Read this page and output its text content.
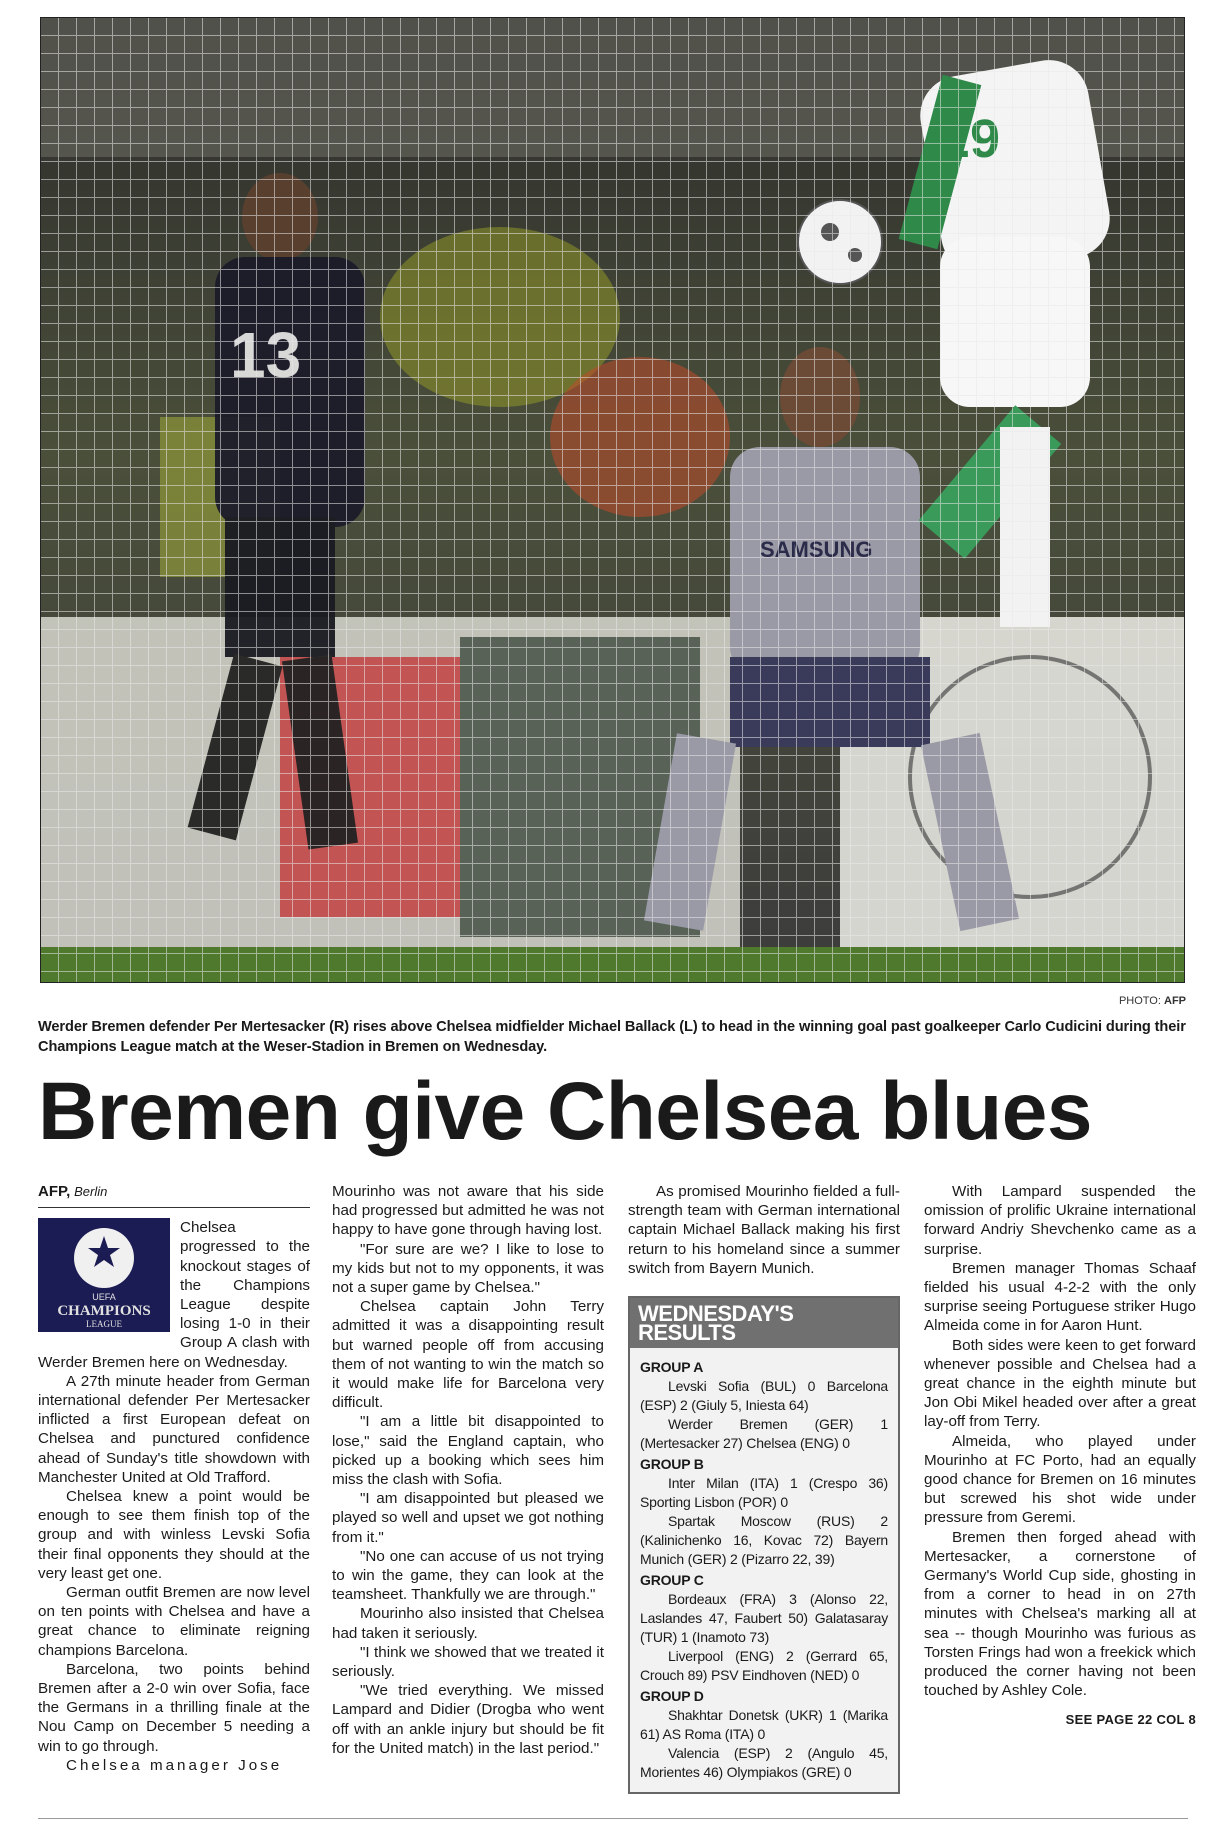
PHOTO: AFP
Werder Bremen defender Per Mertesacker (R) rises above Chelsea midfielder Michael Ballack (L) to head in the winning goal past goalkeeper Carlo Cudicini during their Champions League match at the Weser-Stadion in Bremen on Wednesday.
Bremen give Chelsea blues
AFP, Berlin
UEFA
CHAMPIONS
LEAGUE

Chelsea progressed to the knockout stages of the Champions League despite losing 1-0 in their Group A clash with Werder Bremen here on Wednesday.

A 27th minute header from German international defender Per Mertesacker inflicted a first European defeat on Chelsea and punctured confidence ahead of Sunday's title showdown with Manchester United at Old Trafford.

Chelsea knew a point would be enough to see them finish top of the group and with winless Levski Sofia their final opponents they should at the very least get one.

German outfit Bremen are now level on ten points with Chelsea and have a great chance to eliminate reigning champions Barcelona.

Barcelona, two points behind Bremen after a 2-0 win over Sofia, face the Germans in a thrilling finale at the Nou Camp on December 5 needing a win to go through.

Chelsea manager Jose

Mourinho was not aware that his side had progressed but admitted he was not happy to have gone through having lost.

"For sure are we? I like to lose to my kids but not to my opponents, it was not a super game by Chelsea."

Chelsea captain John Terry admitted it was a disappointing result but warned people off from accusing them of not wanting to win the match so it would make life for Barcelona very difficult.

"I am a little bit disappointed to lose," said the England captain, who picked up a booking which sees him miss the clash with Sofia.

"I am disappointed but pleased we played so well and upset we got nothing from it."

"No one can accuse of us not trying to win the game, they can look at the teamsheet. Thankfully we are through."

Mourinho also insisted that Chelsea had taken it seriously.

"I think we showed that we treated it seriously.

"We tried everything. We missed Lampard and Didier (Drogba who went off with an ankle injury but should be fit for the United match) in the last period."

As promised Mourinho fielded a full-strength team with German international captain Michael Ballack making his first return to his homeland since a summer switch from Bayern Munich.

WEDNESDAY'S RESULTS
GROUP A

Levski Sofia (BUL) 0 Barcelona (ESP) 2 (Giuly 5, Iniesta 64)

Werder Bremen (GER) 1 (Mertesacker 27) Chelsea (ENG) 0

GROUP B

Inter Milan (ITA) 1 (Crespo 36) Sporting Lisbon (POR) 0

Spartak Moscow (RUS) 2 (Kalinichenko 16, Kovac 72) Bayern Munich (GER) 2 (Pizarro 22, 39)

GROUP C

Bordeaux (FRA) 3 (Alonso 22, Laslandes 47, Faubert 50) Galatasaray (TUR) 1 (Inamoto 73)

Liverpool (ENG) 2 (Gerrard 65, Crouch 89) PSV Eindhoven (NED) 0

GROUP D

Shakhtar Donetsk (UKR) 1 (Marika 61) AS Roma (ITA) 0

Valencia (ESP) 2 (Angulo 45, Morientes 46) Olympiakos (GRE) 0

With Lampard suspended the omission of prolific Ukraine international forward Andriy Shevchenko came as a surprise.

Bremen manager Thomas Schaaf fielded his usual 4-2-2 with the only surprise seeing Portuguese striker Hugo Almeida come in for Aaron Hunt.

Both sides were keen to get forward whenever possible and Chelsea had a great chance in the eighth minute but Jon Obi Mikel headed over after a great lay-off from Terry.

Almeida, who played under Mourinho at FC Porto, had an equally good chance for Bremen on 16 minutes but screwed his shot wide under pressure from Geremi.

Bremen then forged ahead with Mertesacker, a cornerstone of Germany's World Cup side, ghosting in from a corner to head in on 27th minutes with Chelsea's marking all at sea -- though Mourinho was furious as Torsten Frings had won a freekick which produced the corner having not been touched by Ashley Cole.

SEE PAGE 22 COL 8
